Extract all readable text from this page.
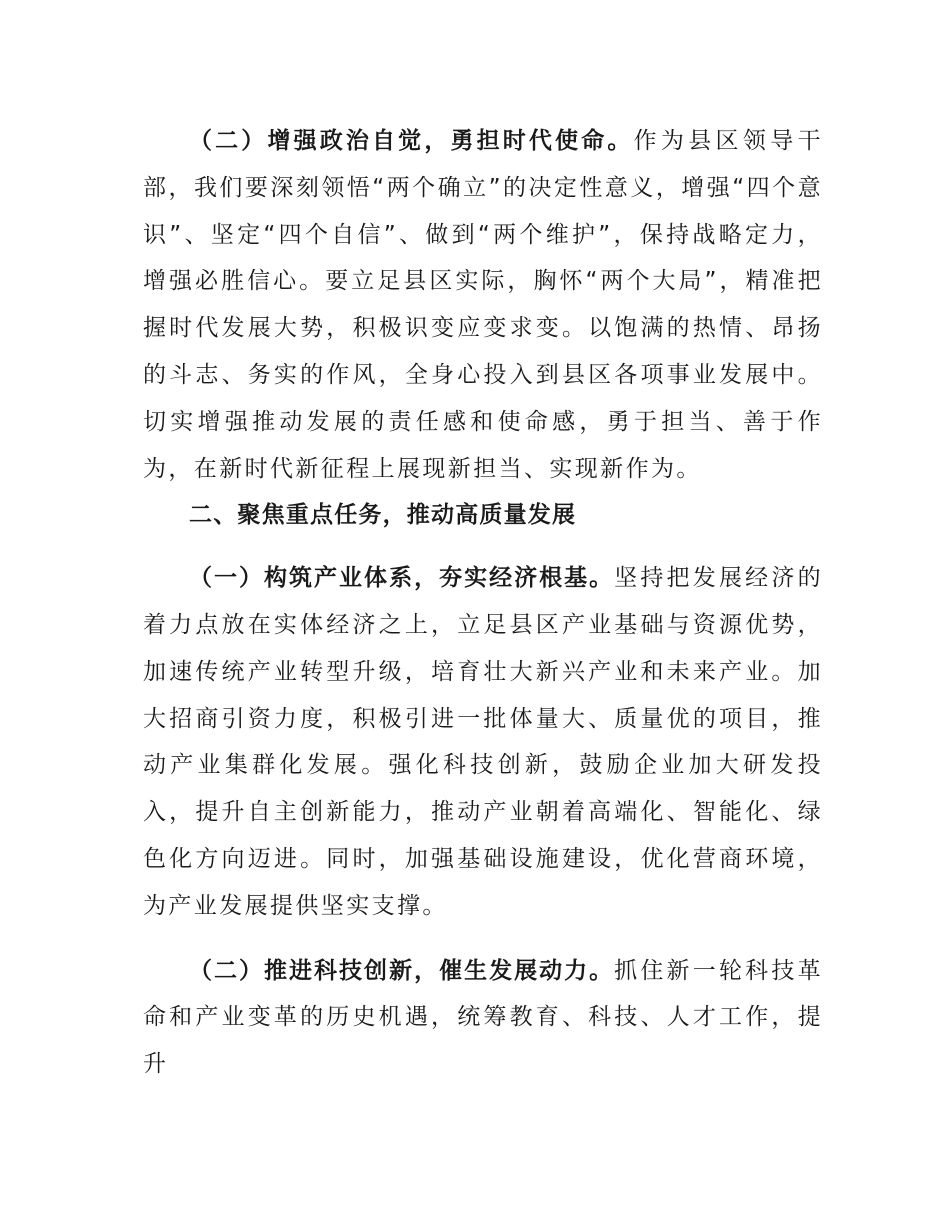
（二）增强政治自觉，勇担时代使命。作为县区领导干部，我们要深刻领悟“两个确立”的决定性意义，增强“四个意识”、坚定“四个自信”、做到“两个维护”，保持战略定力，增强必胜信心。要立足县区实际，胸怀“两个大局”，精准把握时代发展大势，积极识变应变求变。以饱满的热情、昂扬的斗志、务实的作风，全身心投入到县区各项事业发展中。切实增强推动发展的责任感和使命感，勇于担当、善于作为，在新时代新征程上展现新担当、实现新作为。

二、聚焦重点任务，推动高质量发展

（一）构筑产业体系，夯实经济根基。坚持把发展经济的着力点放在实体经济之上，立足县区产业基础与资源优势，加速传统产业转型升级，培育壮大新兴产业和未来产业。加大招商引资力度，积极引进一批体量大、质量优的项目，推动产业集群化发展。强化科技创新，鼓励企业加大研发投入，提升自主创新能力，推动产业朝着高端化、智能化、绿色化方向迈进。同时，加强基础设施建设，优化营商环境，为产业发展提供坚实支撑。

（二）推进科技创新，催生发展动力。抓住新一轮科技革命和产业变革的历史机遇，统筹教育、科技、人才工作，提升
